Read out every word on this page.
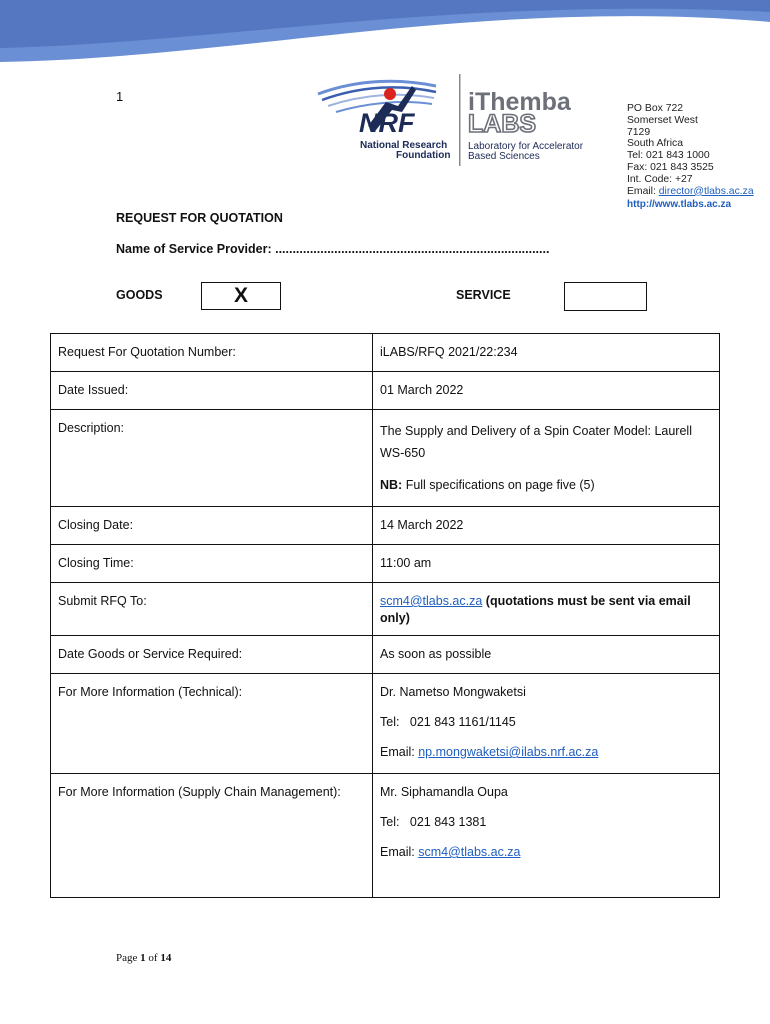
1
NRF
National Research
Foundation
iThemba
LABS
Laboratory for Accelerator
Based Sciences
PO Box 722
Somerset West
7129
South Africa
Tel: 021 843 1000
Fax: 021 843 3525
Int. Code: +27
Email: director@tlabs.ac.za
http://www.tlabs.ac.za
REQUEST FOR QUOTATION
Name of Service Provider: ...............................................................................
GOODS	X	SERVICE
Request For Quotation Number:	iLABS/RFQ 2021/22:234
Date Issued:	01 March 2022
Description:	The Supply and Delivery of a Spin Coater Model: Laurell WS-650
NB: Full specifications on page five (5)

Closing Date:	14 March 2022
Closing Time:	11:00 am
Submit RFQ To:	scm4@tlabs.ac.za (quotations must be sent via email only)
Date Goods or Service Required:	As soon as possible
For More Information (Technical):	Dr. Nametso Mongwaketsi
Tel:   021 843 1161/1145
Email: np.mongwaketsi@ilabs.nrf.ac.za

For More Information (Supply Chain Management):	Mr. Siphamandla Oupa
Tel:   021 843 1381
Email: scm4@tlabs.ac.za
Page 1 of 14
